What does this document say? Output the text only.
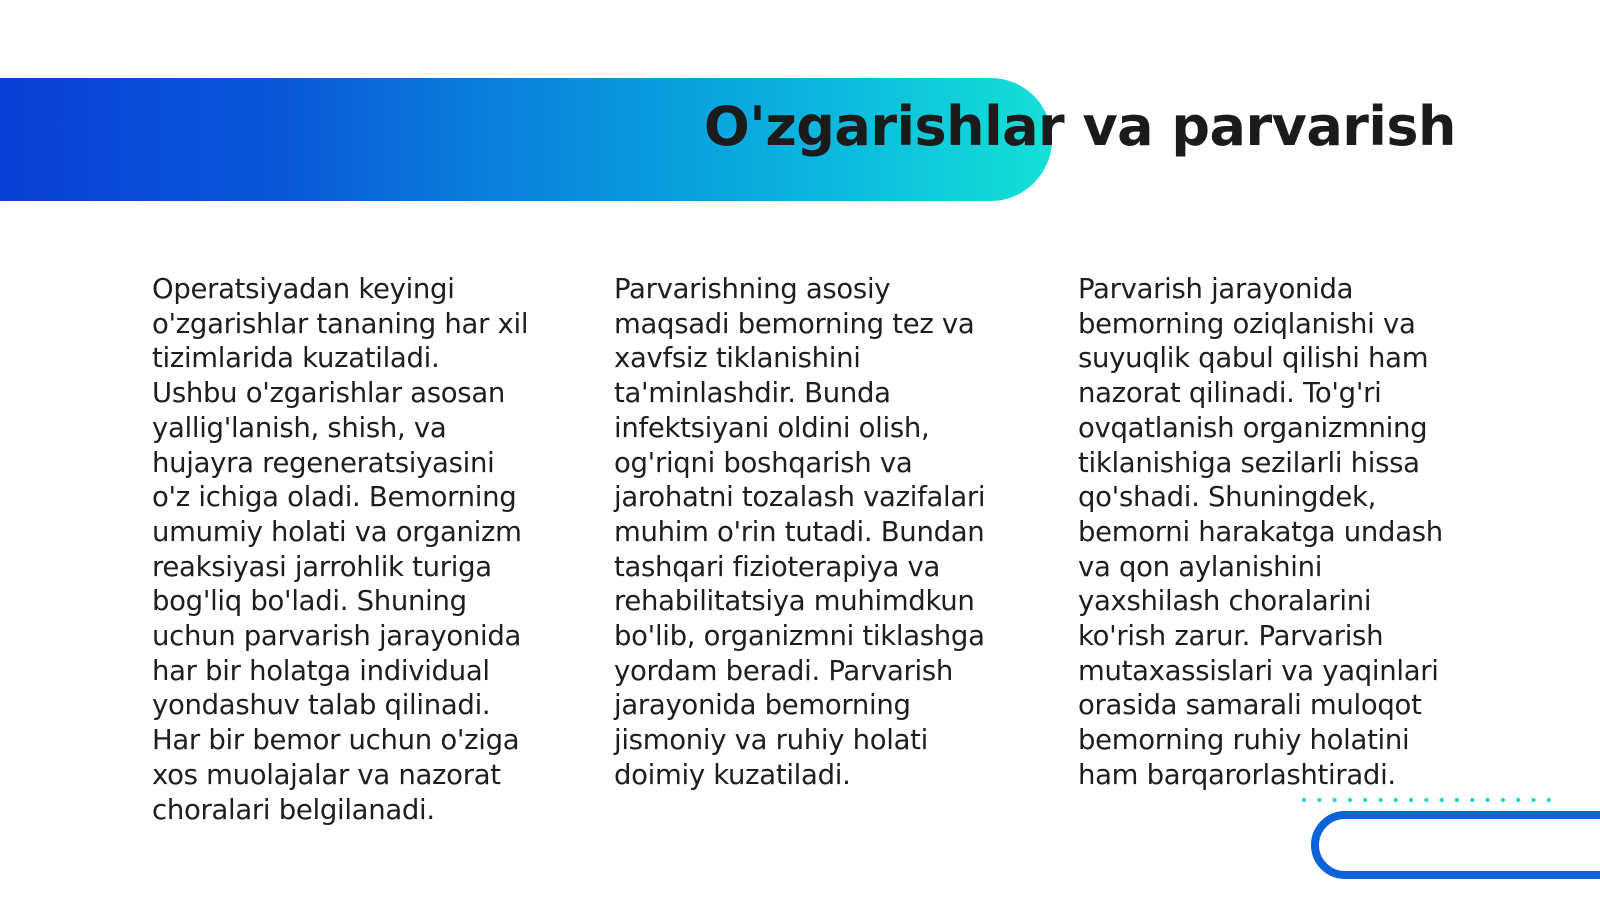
O'zgarishlar va parvarish

Operatsiyadan keyingi o'zgarishlar tananing har xil tizimlarida kuzatiladi. Ushbu o'zgarishlar asosan yallig'lanish, shish, va hujayra regeneratsiyasini o'z ichiga oladi. Bemorning umumiy holati va organizm reaksiyasi jarrohlik turiga bog'liq bo'ladi. Shuning uchun parvarish jarayonida har bir holatga individual yondashuv talab qilinadi. Har bir bemor uchun o'ziga xos muolajalar va nazorat choralari belgilanadi.

Parvarishning asosiy maqsadi bemorning tez va xavfsiz tiklanishini ta'minlashdir. Bunda infektsiyani oldini olish, og'riqni boshqarish va jarohatni tozalash vazifalari muhim o'rin tutadi. Bundan tashqari fizioterapiya va rehabilitatsiya muhimdkun bo'lib, organizmni tiklashga yordam beradi. Parvarish jarayonida bemorning jismoniy va ruhiy holati doimiy kuzatiladi.

Parvarish jarayonida bemorning oziqlanishi va suyuqlik qabul qilishi ham nazorat qilinadi. To'g'ri ovqatlanish organizmning tiklanishiga sezilarli hissa qo'shadi. Shuningdek, bemorni harakatga undash va qon aylanishini yaxshilash choralarini ko'rish zarur. Parvarish mutaxassislari va yaqinlari orasida samarali muloqot bemorning ruhiy holatini ham barqarorlashtiradi.
